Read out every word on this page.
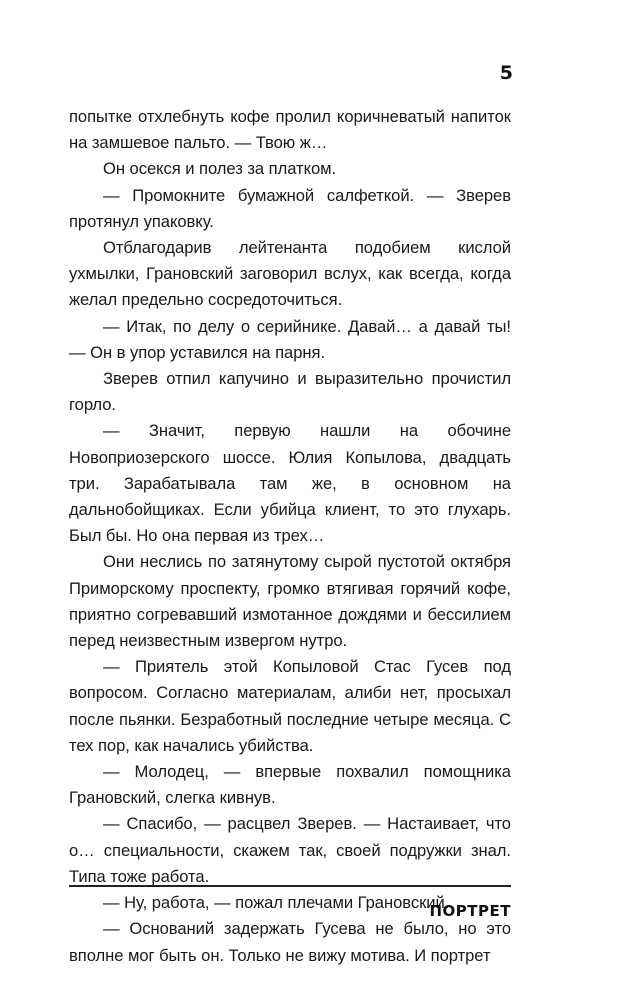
5

попытке отхлебнуть кофе пролил коричневатый напиток на замшевое пальто. — Твою ж…

Он осекся и полез за платком.

— Промокните бумажной салфеткой. — Зверев протянул упаковку.

Отблагодарив лейтенанта подобием кислой ухмылки, Грановский заговорил вслух, как всегда, когда желал предельно сосредоточиться.

— Итак, по делу о серийнике. Давай… а давай ты! — Он в упор уставился на парня.

Зверев отпил капучино и выразительно прочистил горло.

— Значит, первую нашли на обочине Новоприозерского шоссе. Юлия Копылова, двадцать три. Зарабатывала там же, в основном на дальнобойщиках. Если убийца клиент, то это глухарь. Был бы. Но она первая из трех…

Они неслись по затянутому сырой пустотой октября Приморскому проспекту, громко втягивая горячий кофе, приятно согревавший измотанное дождями и бессилием перед неизвестным извергом нутро.

— Приятель этой Копыловой Стас Гусев под вопросом. Согласно материалам, алиби нет, просыхал после пьянки. Безработный последние четыре месяца. С тех пор, как начались убийства.

— Молодец, — впервые похвалил помощника Грановский, слегка кивнув.

— Спасибо, — расцвел Зверев. — Настаивает, что о… специальности, скажем так, своей подружки знал. Типа тоже работа.

— Ну, работа, — пожал плечами Грановский.

— Оснований задержать Гусева не было, но это вполне мог быть он. Только не вижу мотива. И портрет

ПОРТРЕТ
